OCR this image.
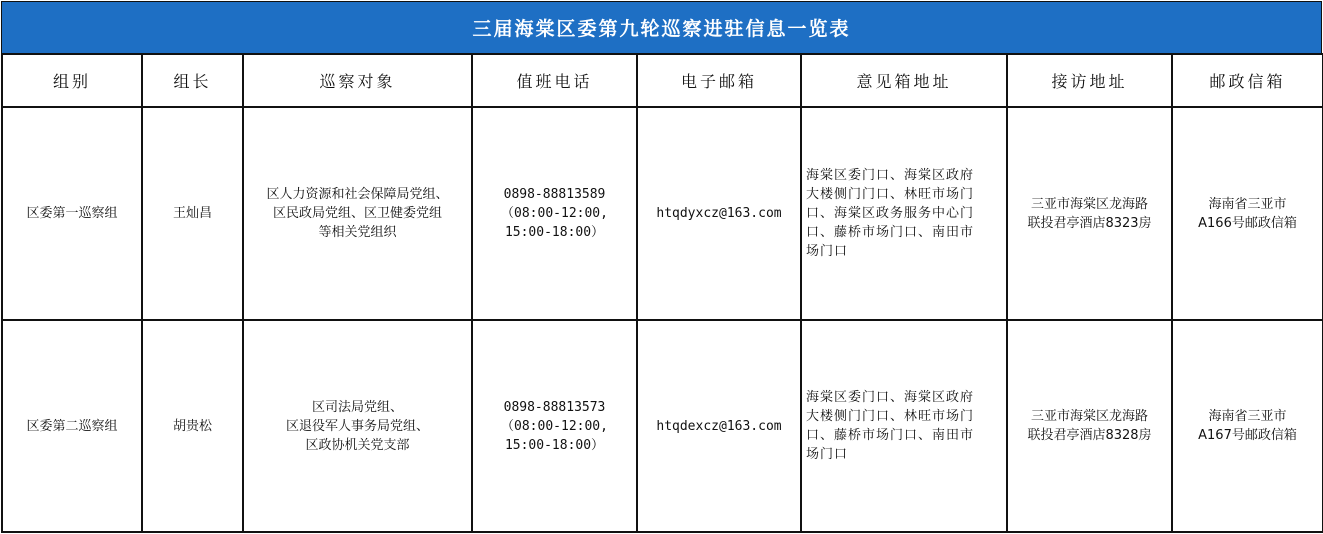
三届海棠区委第九轮巡察进驻信息一览表
组别	组长	巡察对象	值班电话	电子邮箱	意见箱地址	接访地址	邮政信箱
区委第一巡察组	王灿昌	区人力资源和社会保障局党组、
区民政局党组、区卫健委党组
等相关党组织	0898-88813589
（08:00-12:00,
15:00-18:00）	htqdyxcz@163.com	海棠区委门口、海棠区政府
大楼侧门门口、林旺市场门
口、海棠区政务服务中心门
口、藤桥市场门口、南田市
场门口	三亚市海棠区龙海路
联投君亭酒店8323房	海南省三亚市
A166号邮政信箱

区委第二巡察组	胡贵松	区司法局党组、
区退役军人事务局党组、
区政协机关党支部	0898-88813573
（08:00-12:00,
15:00-18:00）	htqdexcz@163.com	海棠区委门口、海棠区政府
大楼侧门门口、林旺市场门
口、藤桥市场门口、南田市
场门口	三亚市海棠区龙海路
联投君亭酒店8328房	海南省三亚市
A167号邮政信箱
